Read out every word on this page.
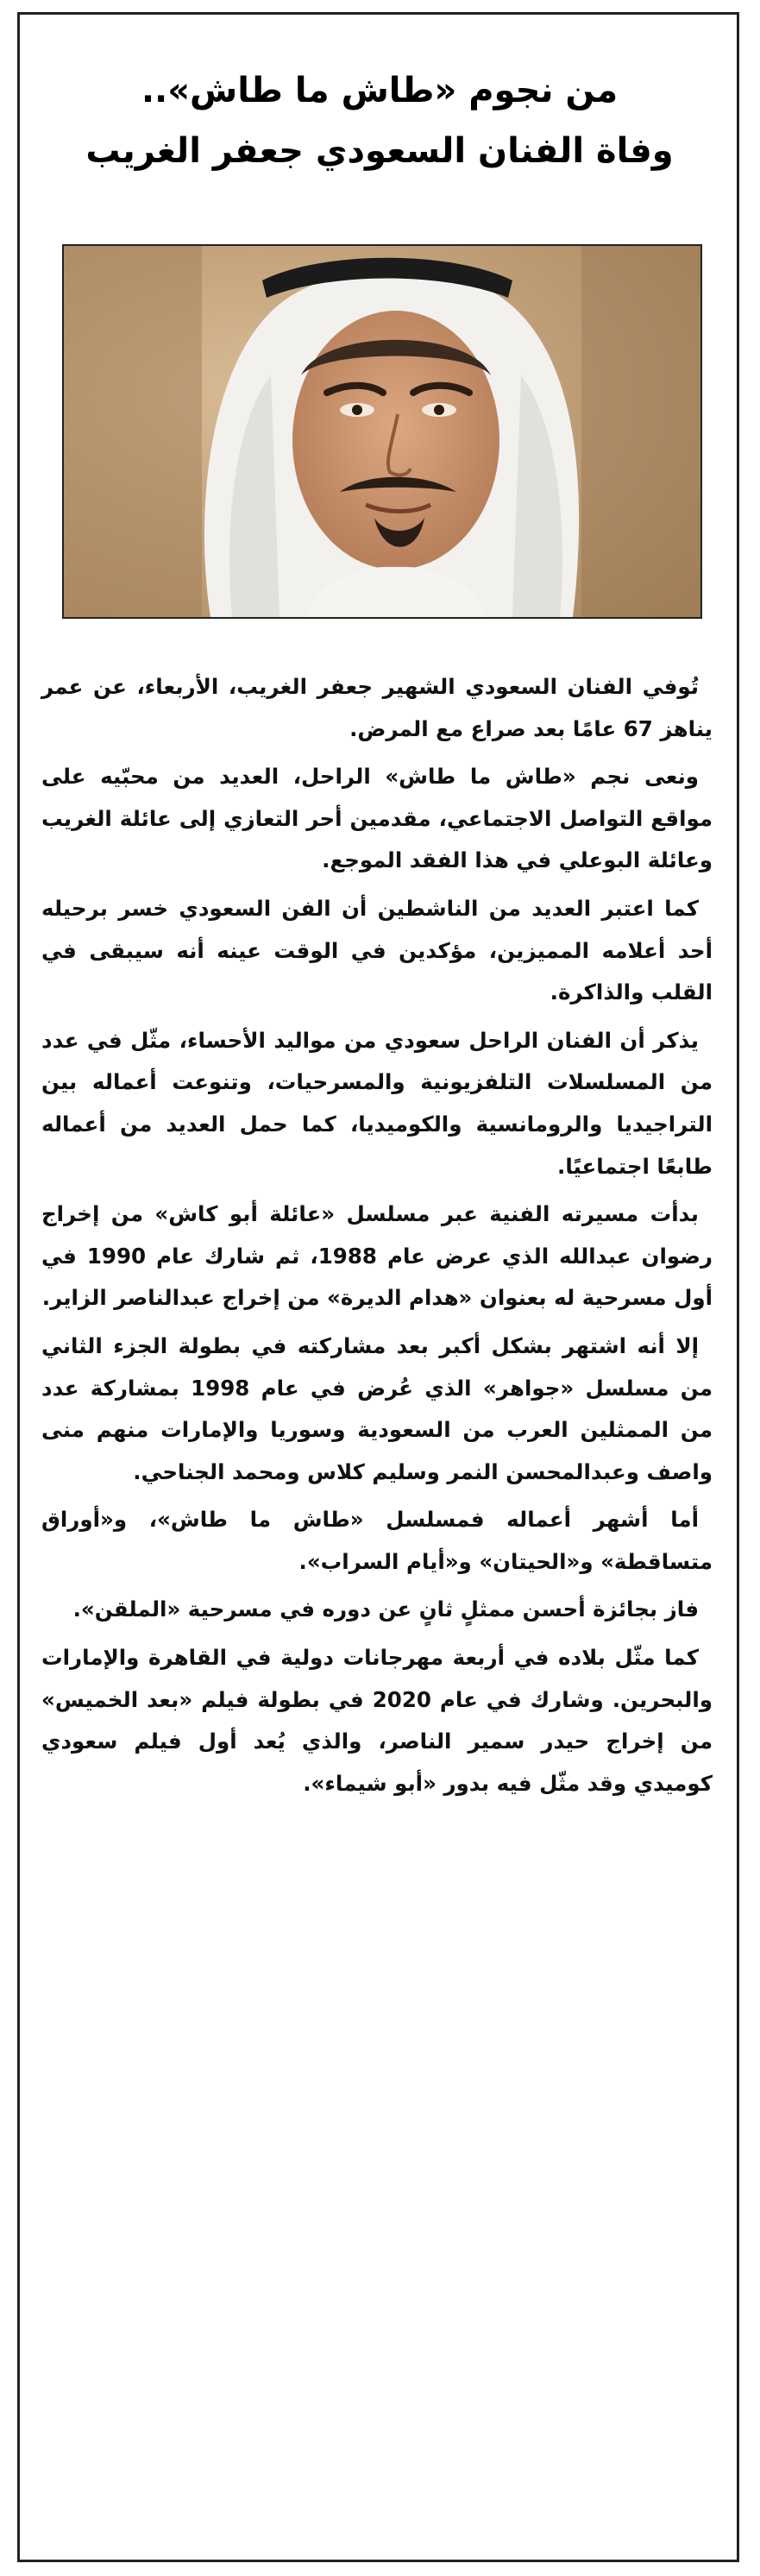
من نجوم «طاش ما طاش»..
وفاة الفنان السعودي جعفر الغريب

تُوفي الفنان السعودي الشهير جعفر الغريب، الأربعاء، عن عمر يناهز 67 عامًا بعد صراع مع المرض.

ونعى نجم «طاش ما طاش» الراحل، العديد من محبّيه على مواقع التواصل الاجتماعي، مقدمين أحر التعازي إلى عائلة الغريب وعائلة البوعلي في هذا الفقد الموجع.

كما اعتبر العديد من الناشطين أن الفن السعودي خسر برحيله أحد أعلامه المميزين، مؤكدين في الوقت عينه أنه سيبقى في القلب والذاكرة.

يذكر أن الفنان الراحل سعودي من مواليد الأحساء، مثّل في عدد من المسلسلات التلفزيونية والمسرحيات، وتنوعت أعماله بين التراجيديا والرومانسية والكوميديا، كما حمل العديد من أعماله طابعًا اجتماعيًا.

بدأت مسيرته الفنية عبر مسلسل «عائلة أبو كاش» من إخراج رضوان عبدالله الذي عرض عام 1988، ثم شارك عام 1990 في أول مسرحية له بعنوان «هدام الديرة» من إخراج عبدالناصر الزاير.

إلا أنه اشتهر بشكل أكبر بعد مشاركته في بطولة الجزء الثاني من مسلسل «جواهر» الذي عُرض في عام 1998 بمشاركة عدد من الممثلين العرب من السعودية وسوريا والإمارات منهم منى واصف وعبدالمحسن النمر وسليم كلاس ومحمد الجناحي.

أما أشهر أعماله فمسلسل «طاش ما طاش»، و«أوراق متساقطة» و«الحيتان» و«أيام السراب».

فاز بجائزة أحسن ممثلٍ ثانٍ عن دوره في مسرحية «الملقن».

كما مثّل بلاده في أربعة مهرجانات دولية في القاهرة والإمارات والبحرين. وشارك في عام 2020 في بطولة فيلم «بعد الخميس» من إخراج حيدر سمير الناصر، والذي يُعد أول فيلم سعودي كوميدي وقد مثّل فيه بدور «أبو شيماء».
